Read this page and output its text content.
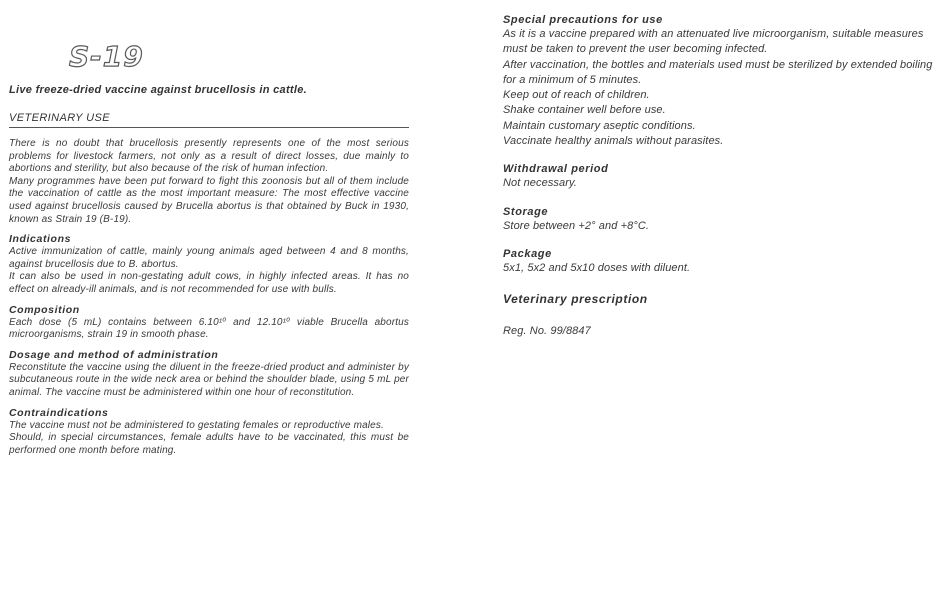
S-19
Live freeze-dried vaccine against brucellosis in cattle.
VETERINARY USE

There is no doubt that brucellosis presently represents one of the most serious problems for livestock farmers, not only as a result of direct losses, due mainly to abortions and sterility, but also because of the risk of human infection.

Many programmes have been put forward to fight this zoonosis but all of them include the vaccination of cattle as the most important measure: The most effective vaccine used against brucellosis caused by Brucella abortus is that obtained by Buck in 1930, known as Strain 19 (B-19).

Indications

Active immunization of cattle, mainly young animals aged between 4 and 8 months, against brucellosis due to B. abortus.

It can also be used in non-gestating adult cows, in highly infected areas. It has no effect on already-ill animals, and is not recommended for use with bulls.

Composition

Each dose (5 mL) contains between 6.10¹⁰ and 12.10¹⁰ viable Brucella abortus microorganisms, strain 19 in smooth phase.

Dosage and method of administration

Reconstitute the vaccine using the diluent in the freeze-dried product and administer by subcutaneous route in the wide neck area or behind the shoulder blade, using 5 mL per animal. The vaccine must be administered within one hour of reconstitution.

Contraindications

The vaccine must not be administered to gestating females or reproductive males.

Should, in special circumstances, female adults have to be vaccinated, this must be performed one month before mating.

Special precautions for use

As it is a vaccine prepared with an attenuated live microorganism, suitable measures must be taken to prevent the user becoming infected.

After vaccination, the bottles and materials used must be sterilized by extended boiling for a minimum of 5 minutes.

Keep out of reach of children.

Shake container well before use.

Maintain customary aseptic conditions.

Vaccinate healthy animals without parasites.

Withdrawal period

Not necessary.

Storage

Store between +2° and +8°C.

Package

5x1, 5x2 and 5x10 doses with diluent.

Veterinary prescription

Reg. No. 99/8847
